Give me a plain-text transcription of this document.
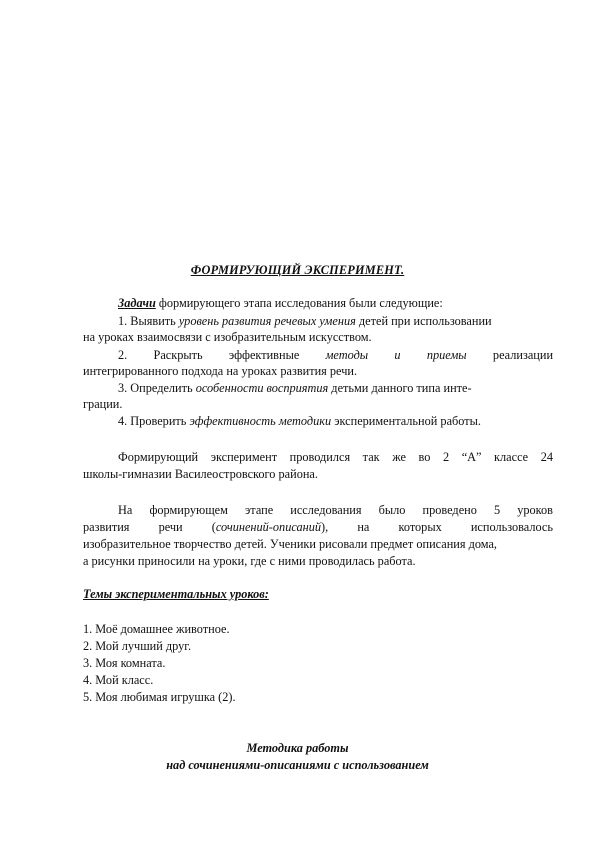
ФОРМИРУЮЩИЙ ЭКСПЕРИМЕНТ.
Задачи формирующего этапа исследования были следующие:
1. Выявить уровень развития речевых умения детей при использовании
на уроках взаимосвязи с изобразительным искусством.
2. Раскрыть эффективные методы и приемы реализации
интегрированного подхода на уроках развития речи.
3. Определить особенности восприятия детьми данного типа инте-
грации.
4. Проверить эффективность методики экспериментальной работы.
Формирующий эксперимент проводился так же во 2 “А” классе 24
школы-гимназии Василеостровского района.
На формирующем этапе исследования было проведено 5 уроков
развития речи (сочинений-описаний), на которых использовалось
изобразительное творчество детей. Ученики рисовали предмет описания дома,
а рисунки приносили на уроки, где с ними проводилась работа.
Темы экспериментальных уроков:
1. Моё домашнее животное.
2. Мой лучший друг.
3. Моя комната.
4. Мой класс.
5. Моя любимая игрушка (2).
Методика работы
над сочинениями-описаниями с использованием
